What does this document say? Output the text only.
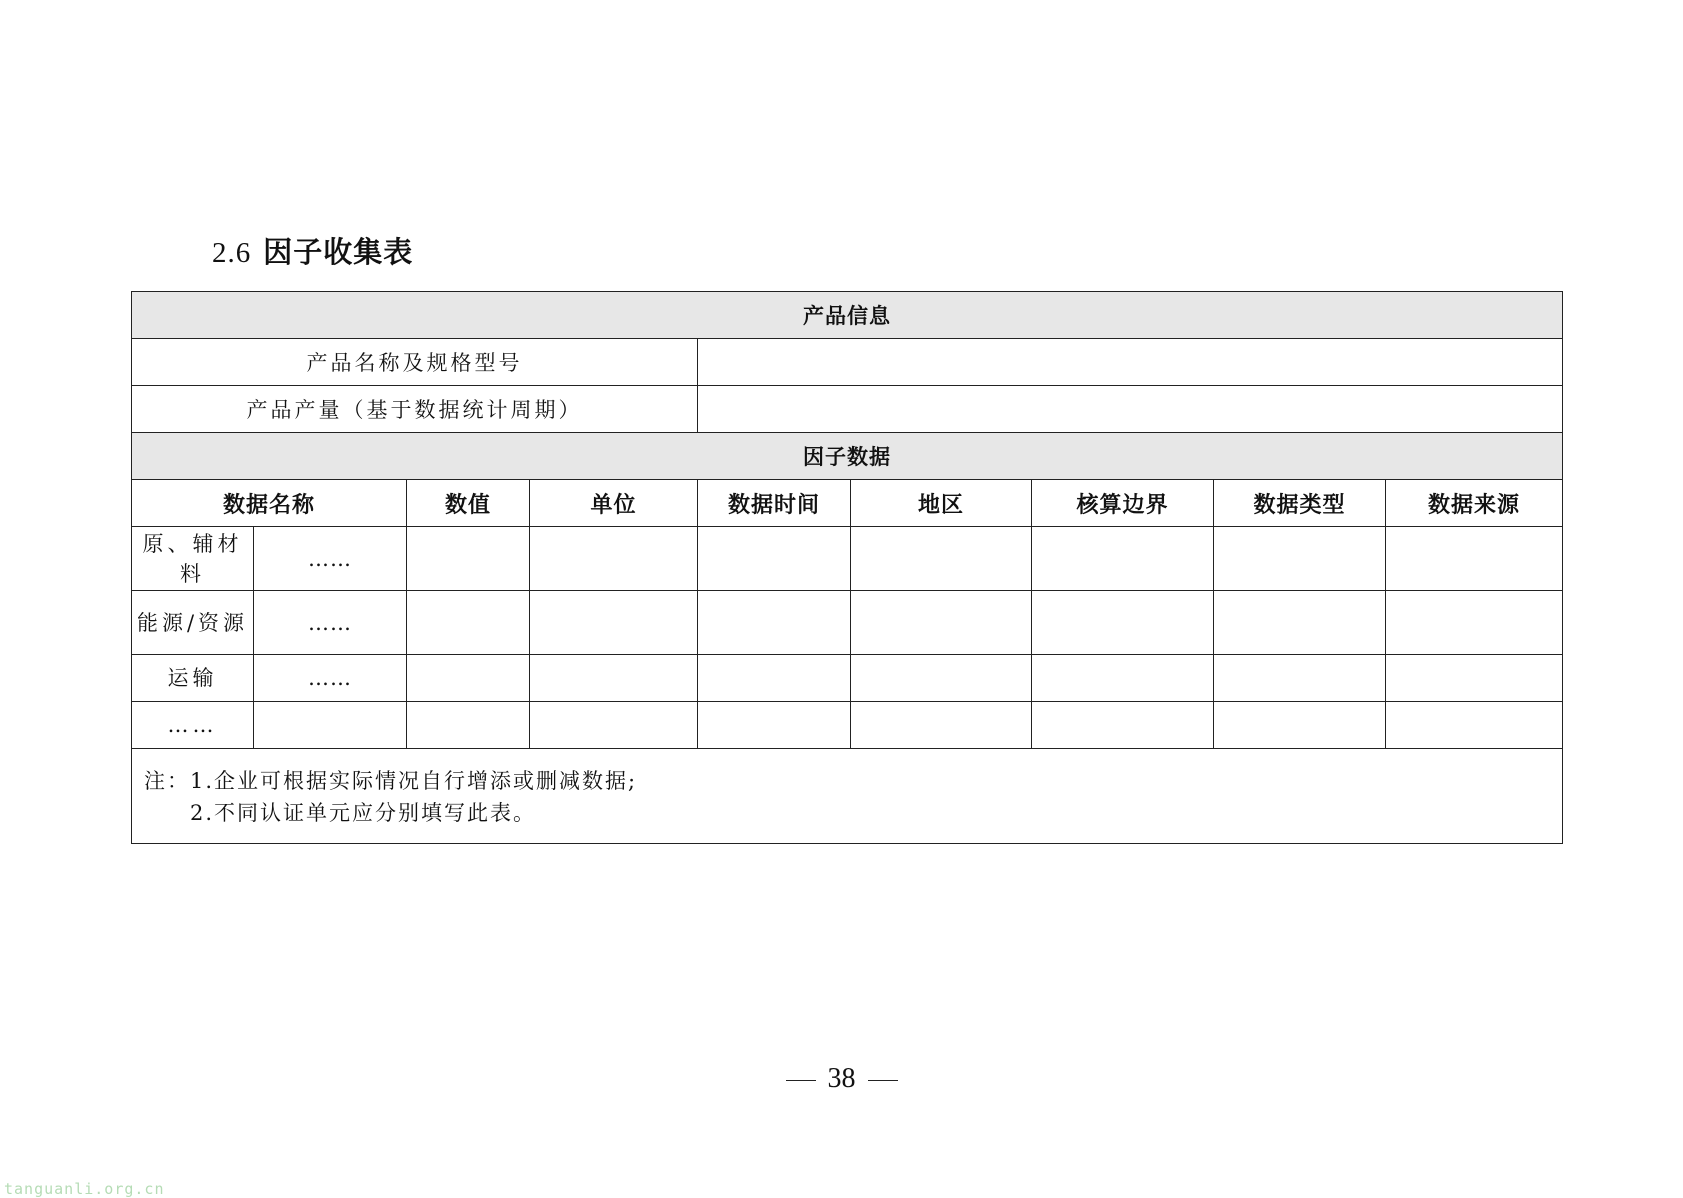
2.6 因子收集表
产品信息								
产品名称及规格型号								
产品产量（基于数据统计周期）								
因子数据								
数据名称		数值	单位	数据时间	地区	核算边界	数据类型	数据来源
原、辅材料	……							
能源/资源	……							
运输	……							
……								

注：1.企业可根据实际情况自行增添或删减数据;
2.不同认证单元应分别填写此表。								
38
tanguanli.org.cn
